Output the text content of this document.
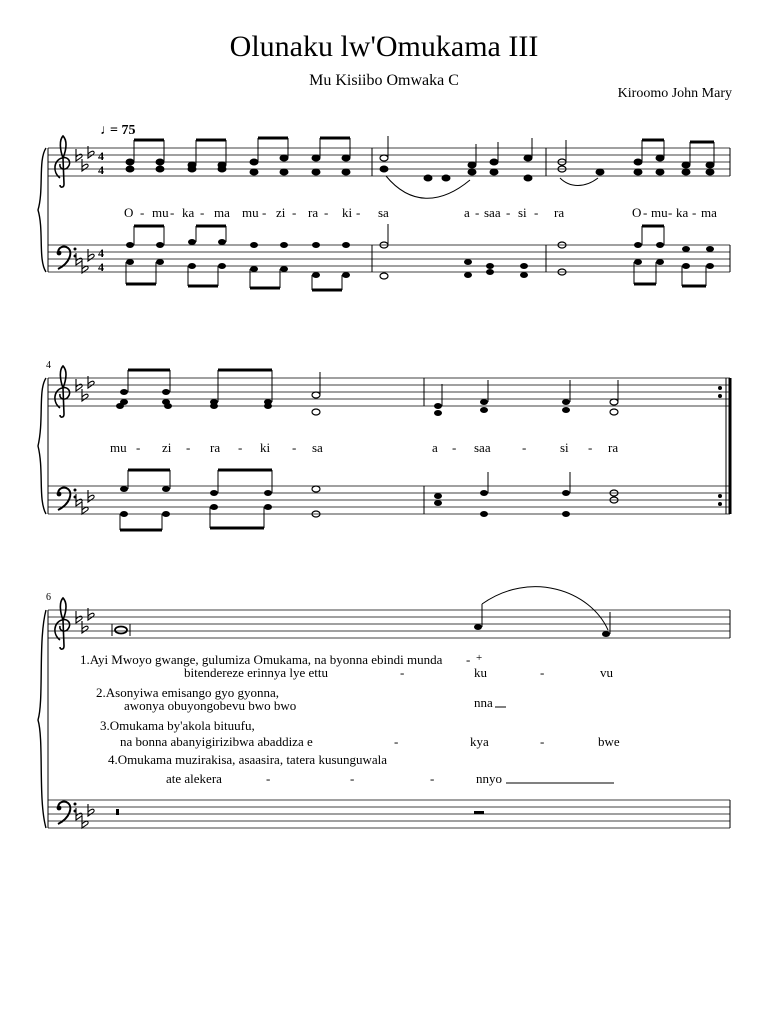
Olunaku lw'Omukama III
Mu Kisiibo Omwaka C
Kiroomo John Mary
♩
= 75
4
4
4
4
O - mu - ka - ma mu - zi - ra - ki - sa	a - saa - si - ra	O - mu - ka - ma
4
mu - zi - ra - ki - sa	a - saa -	si - ra
6
1.Ayi Mwoyo gwange, gulumiza Omukama, na byonna ebindi munda - +
bitendereze erinnya lye ettu	-	ku	-	vu
2.Asonyiwa emisango gyo gyonna,
awonya obuyongobevu bwo bwo	nna
3.Omukama by'akola bituufu,
na bonna abanyigirizibwa abaddiza e	-	kya	-	bwe
4.Omukama muzirakisa, asaasira, tatera kusunguwala
ate alekera	-	-	-	nnyo
